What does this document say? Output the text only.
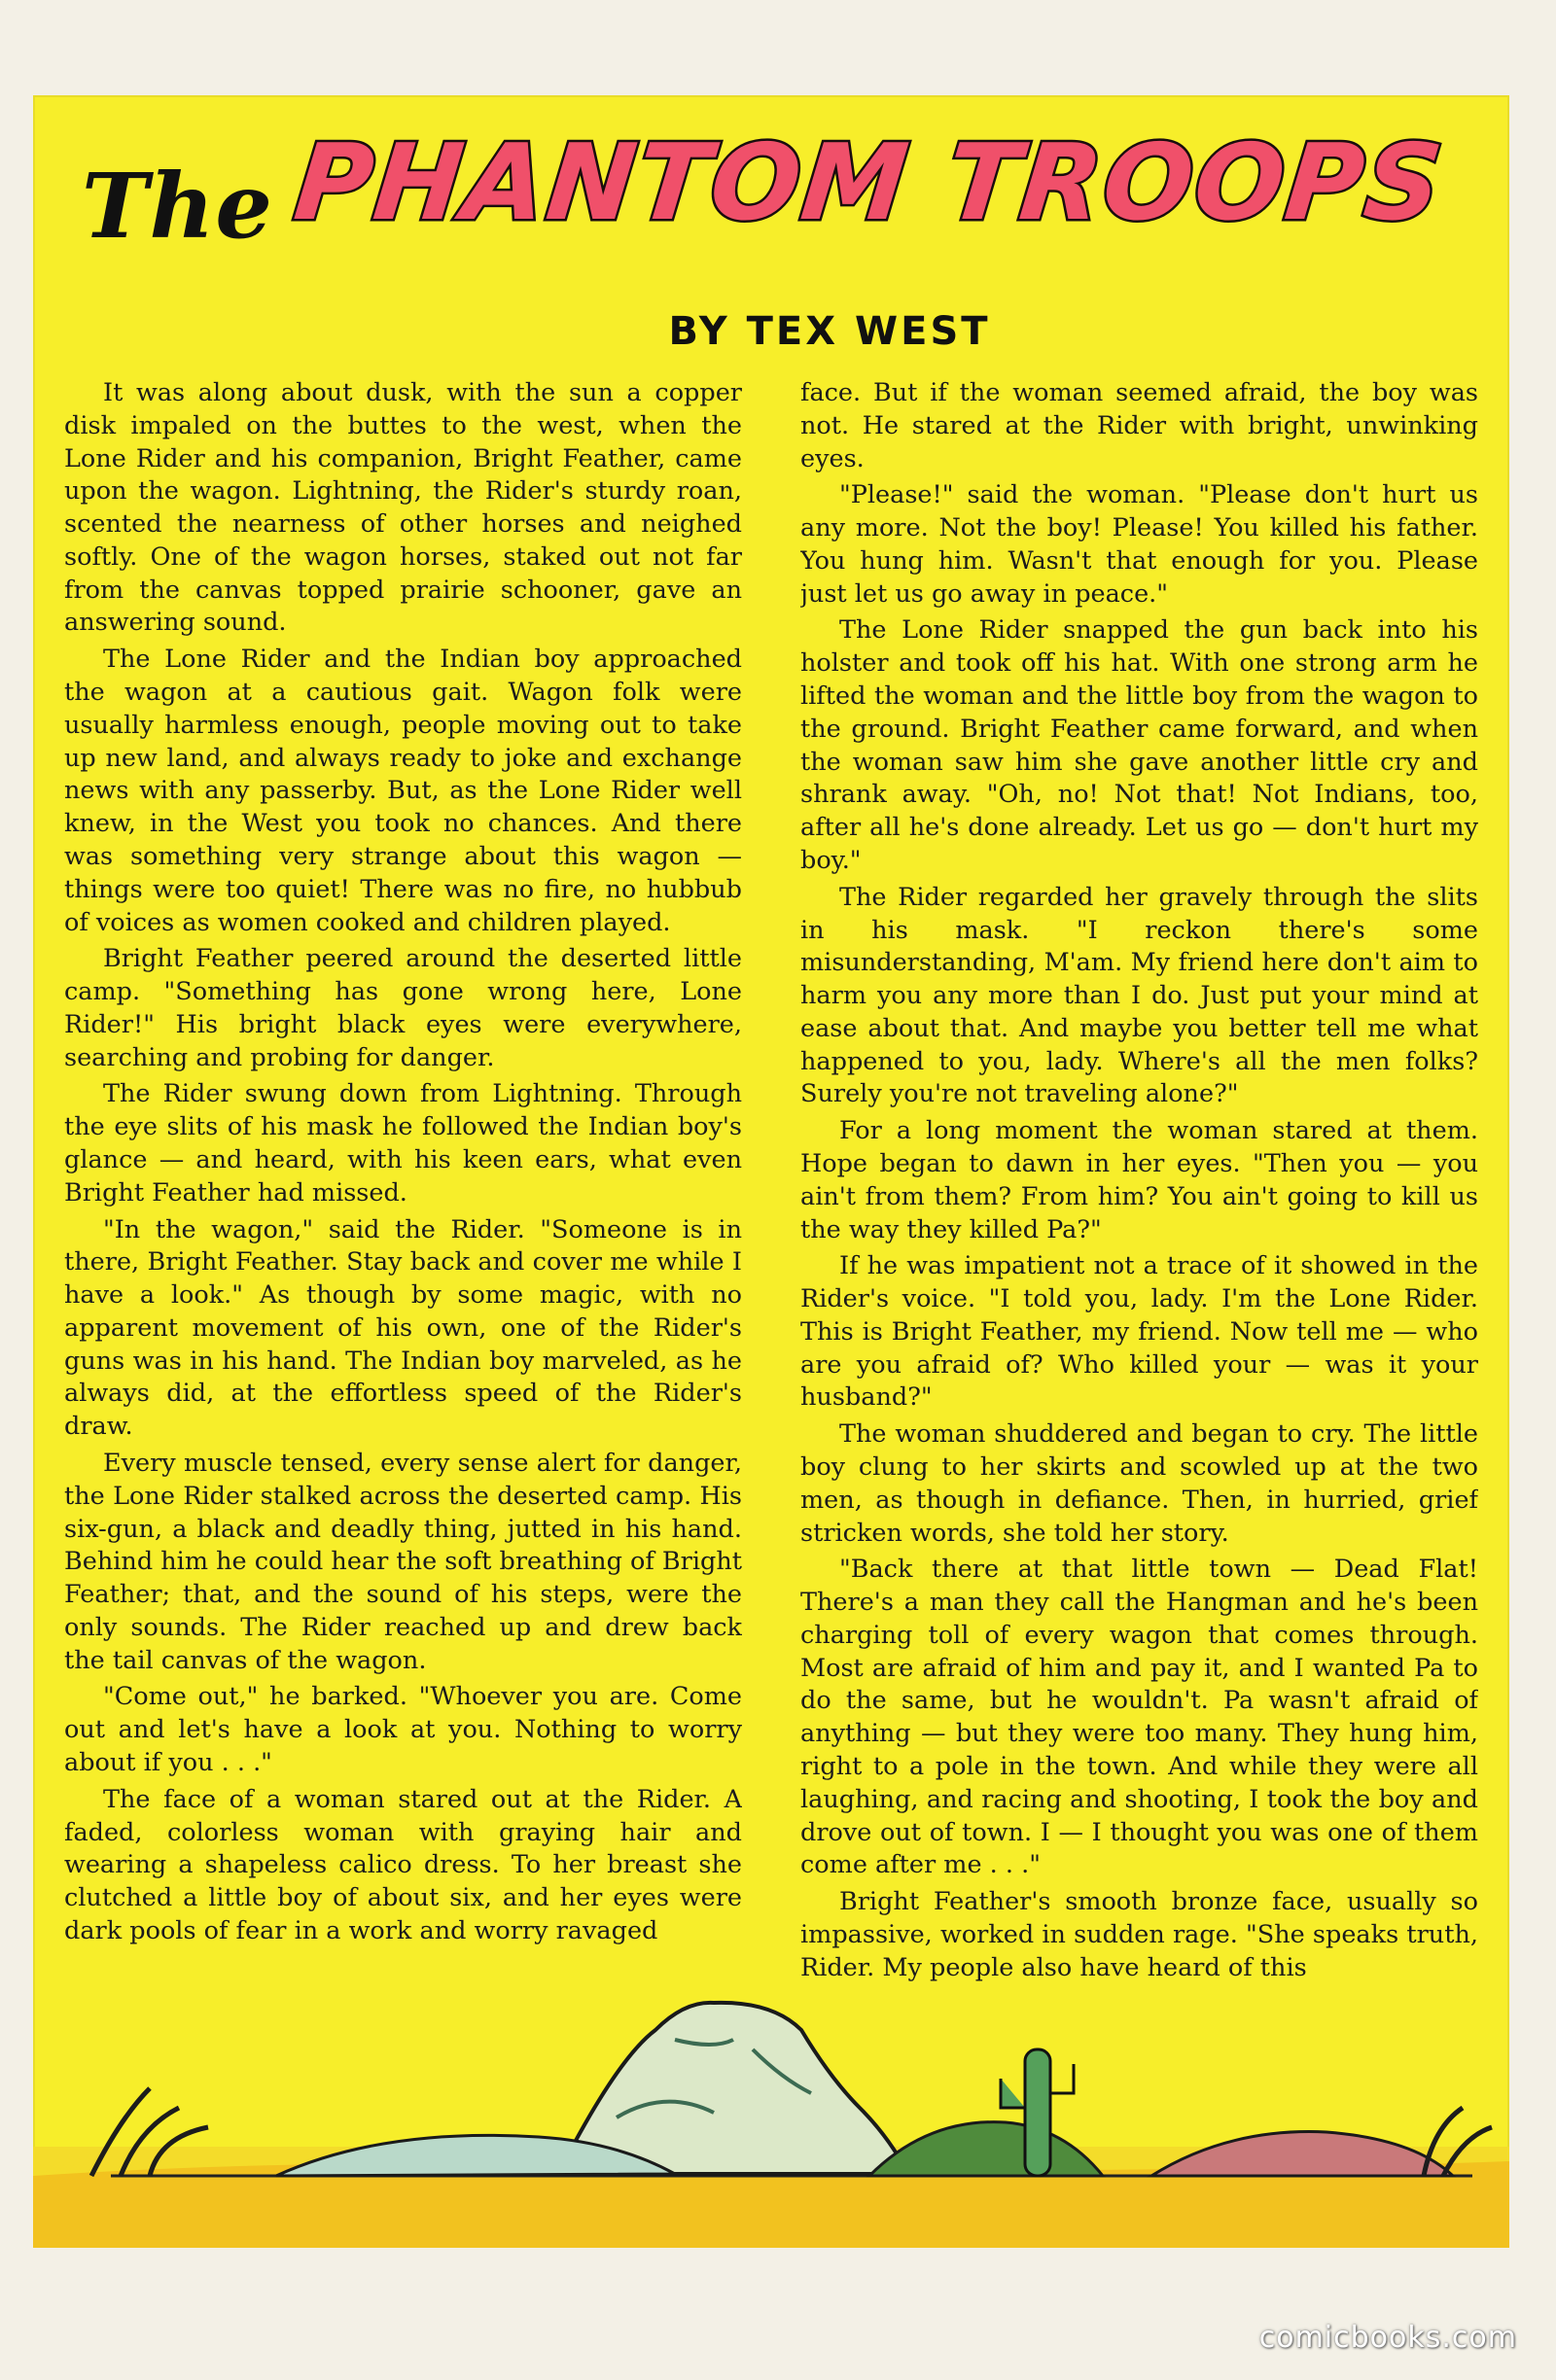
The PHANTOM TROOPS
BY TEX WEST

It was along about dusk, with the sun a copper disk impaled on the buttes to the west, when the Lone Rider and his companion, Bright Feather, came upon the wagon. Lightning, the Rider's sturdy roan, scented the nearness of other horses and neighed softly. One of the wagon horses, staked out not far from the canvas topped prairie schooner, gave an answering sound.

The Lone Rider and the Indian boy approached the wagon at a cautious gait. Wagon folk were usually harmless enough, people moving out to take up new land, and always ready to joke and exchange news with any passerby. But, as the Lone Rider well knew, in the West you took no chances. And there was something very strange about this wagon — things were too quiet! There was no fire, no hubbub of voices as women cooked and children played.

Bright Feather peered around the deserted little camp. "Something has gone wrong here, Lone Rider!" His bright black eyes were everywhere, searching and probing for danger.

The Rider swung down from Lightning. Through the eye slits of his mask he followed the Indian boy's glance — and heard, with his keen ears, what even Bright Feather had missed.

"In the wagon," said the Rider. "Someone is in there, Bright Feather. Stay back and cover me while I have a look." As though by some magic, with no apparent movement of his own, one of the Rider's guns was in his hand. The Indian boy marveled, as he always did, at the effortless speed of the Rider's draw.

Every muscle tensed, every sense alert for danger, the Lone Rider stalked across the deserted camp. His six-gun, a black and deadly thing, jutted in his hand. Behind him he could hear the soft breathing of Bright Feather; that, and the sound of his steps, were the only sounds. The Rider reached up and drew back the tail canvas of the wagon.

"Come out," he barked. "Whoever you are. Come out and let's have a look at you. Nothing to worry about if you . . ."

The face of a woman stared out at the Rider. A faded, colorless woman with graying hair and wearing a shapeless calico dress. To her breast she clutched a little boy of about six, and her eyes were dark pools of fear in a work and worry ravaged

face. But if the woman seemed afraid, the boy was not. He stared at the Rider with bright, unwinking eyes.

"Please!" said the woman. "Please don't hurt us any more. Not the boy! Please! You killed his father. You hung him. Wasn't that enough for you. Please just let us go away in peace."

The Lone Rider snapped the gun back into his holster and took off his hat. With one strong arm he lifted the woman and the little boy from the wagon to the ground. Bright Feather came forward, and when the woman saw him she gave another little cry and shrank away. "Oh, no! Not that! Not Indians, too, after all he's done already. Let us go — don't hurt my boy."

The Rider regarded her gravely through the slits in his mask. "I reckon there's some misunderstanding, M'am. My friend here don't aim to harm you any more than I do. Just put your mind at ease about that. And maybe you better tell me what happened to you, lady. Where's all the men folks? Surely you're not traveling alone?"

For a long moment the woman stared at them. Hope began to dawn in her eyes. "Then you — you ain't from them? From him? You ain't going to kill us the way they killed Pa?"

If he was impatient not a trace of it showed in the Rider's voice. "I told you, lady. I'm the Lone Rider. This is Bright Feather, my friend. Now tell me — who are you afraid of? Who killed your — was it your husband?"

The woman shuddered and began to cry. The little boy clung to her skirts and scowled up at the two men, as though in defiance. Then, in hurried, grief stricken words, she told her story.

"Back there at that little town — Dead Flat! There's a man they call the Hangman and he's been charging toll of every wagon that comes through. Most are afraid of him and pay it, and I wanted Pa to do the same, but he wouldn't. Pa wasn't afraid of anything — but they were too many. They hung him, right to a pole in the town. And while they were all laughing, and racing and shooting, I took the boy and drove out of town. I — I thought you was one of them come after me . . ."

Bright Feather's smooth bronze face, usually so impassive, worked in sudden rage. "She speaks truth, Rider. My people also have heard of this

comicbooks.com
